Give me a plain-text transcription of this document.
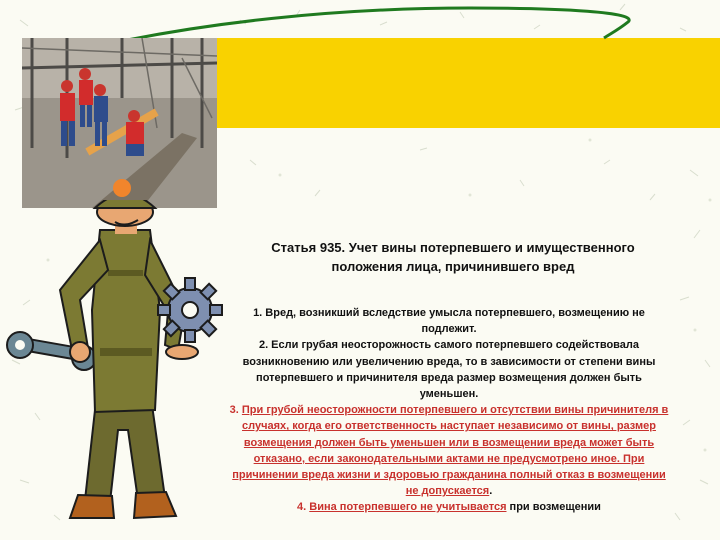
Статья 935. Учет вины потерпевшего и имущественного
положения лица, причинившего вред
1. Вред, возникший вследствие умысла потерпевшего, возмещению не подлежит.
2. Если грубая неосторожность самого потерпевшего содействовала возникновению или увеличению вреда, то в зависимости от степени вины потерпевшего и причинителя вреда размер возмещения должен быть уменьшен.
3. При грубой неосторожности потерпевшего и отсутствии вины причинителя в случаях, когда его ответственность наступает независимо от вины, размер возмещения должен быть уменьшен или в возмещении вреда может быть отказано, если законодательными актами не предусмотрено иное. При причинении вреда жизни и здоровью гражданина полный отказ в возмещении не допускается.
4. Вина потерпевшего не учитывается при возмещении
